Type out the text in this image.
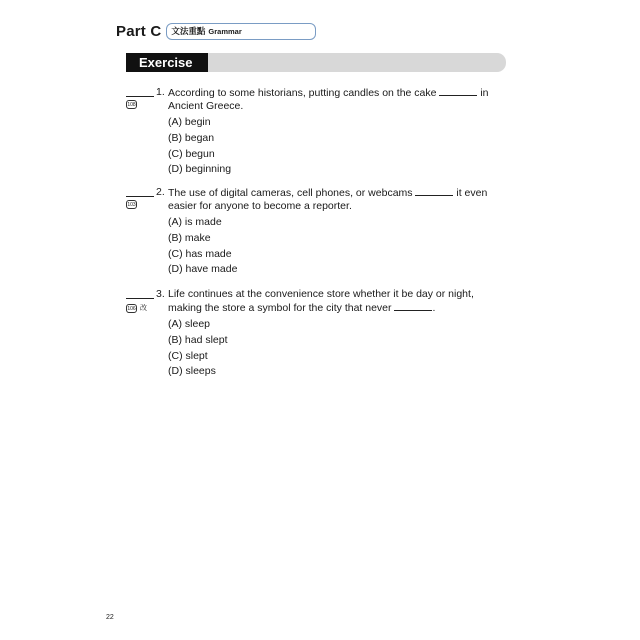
Part C 文法重點 Grammar
Exercise
1.
108
According to some historians, putting candles on the cake	in Ancient Greece.
(A) begin
(B) began
(C) begun
(D) beginning
2.
103
The use of digital cameras, cell phones, or webcams	it even easier for anyone to become a reporter.
(A) is made
(B) make
(C) has made
(D) have made
3.
106 改
Life continues at the convenience store whether it be day or night, making the store a symbol for the city that never	.
(A) sleep
(B) had slept
(C) slept
(D) sleeps
22
